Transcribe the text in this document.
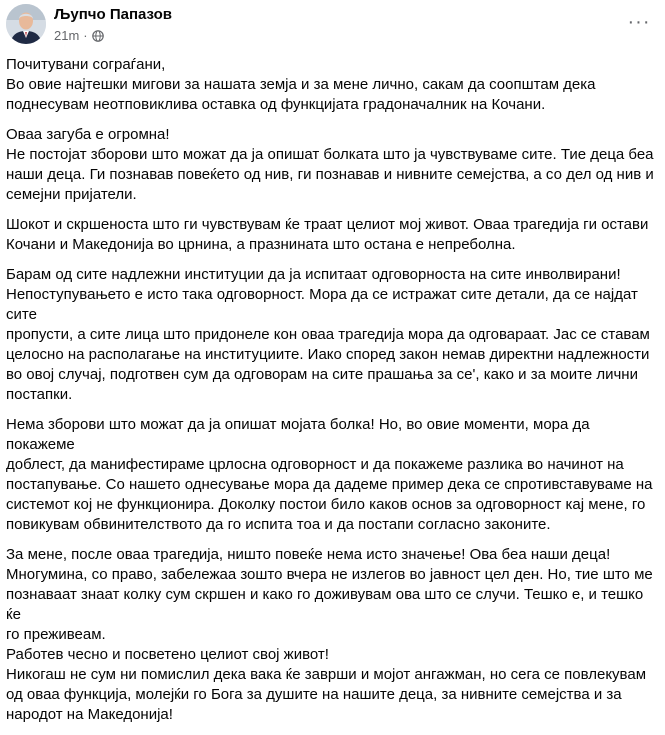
Љупчо Папазов
21m ·
···

Почитувани сограѓани,
Во овие најтешки мигови за нашата земја и за мене лично, сакам да соопштам дека
поднесувам неотповиклива оставка од функцијата градоначалник на Кочани.

Оваа загуба е огромна!
Не постојат зборови што можат да ја опишат болката што ја чувствуваме сите. Тие деца беа
наши деца. Ги познавав повеќето од нив, ги познавав и нивните семејства, а со дел од нив и
семејни пријатели.

Шокот и скршеноста што ги чувствувам ќе траат целиот мој живот. Оваа трагедија ги остави
Кочани и Македонија во црнина, а празнината што остана е непреболна.

Барам од сите надлежни институции да ја испитаат одговорноста на сите инволвирани!
Непоступувањето е исто така одговорност. Мора да се истражат сите детали, да се најдат сите
пропусти, а сите лица што придонеле кон оваа трагедија мора да одговараат. Јас се ставам
целосно на располагање на институциите. Иако според закон немав директни надлежности
во овој случај, подготвен сум да одговорам на сите прашања за се', како и за моите лични
постапки.

Нема зборови што можат да ја опишат мојата болка! Но, во овие моменти, мора да покажеме
доблест, да манифестираме црлосна одговорност и да покажеме разлика во начинот на
постапување. Со нашето однесување мора да дадеме пример дека се спротивставуваме на
системот кој не функционира. Доколку постои било каков основ за одговорност кај мене, го
повикувам обвинителството да го испита тоа и да постапи согласно законите.

За мене, после оваа трагедија, ништо повеќе нема исто значење! Ова беа наши деца!
Многумина, со право, забележаа зошто вчера не излегов во јавност цел ден. Но, тие што ме
познаваат знаат колку сум скршен и како го доживувам ова што се случи. Тешко е, и тешко ќе
го преживеам.
Работев чесно и посветено целиот свој живот!
Никогаш не сум ни помислил дека вака ќе заврши и мојот ангажман, но сега се повлекувам
од оваа функција, молејќи го Бога за душите на нашите деца, за нивните семејства и за
народот на Македонија!
